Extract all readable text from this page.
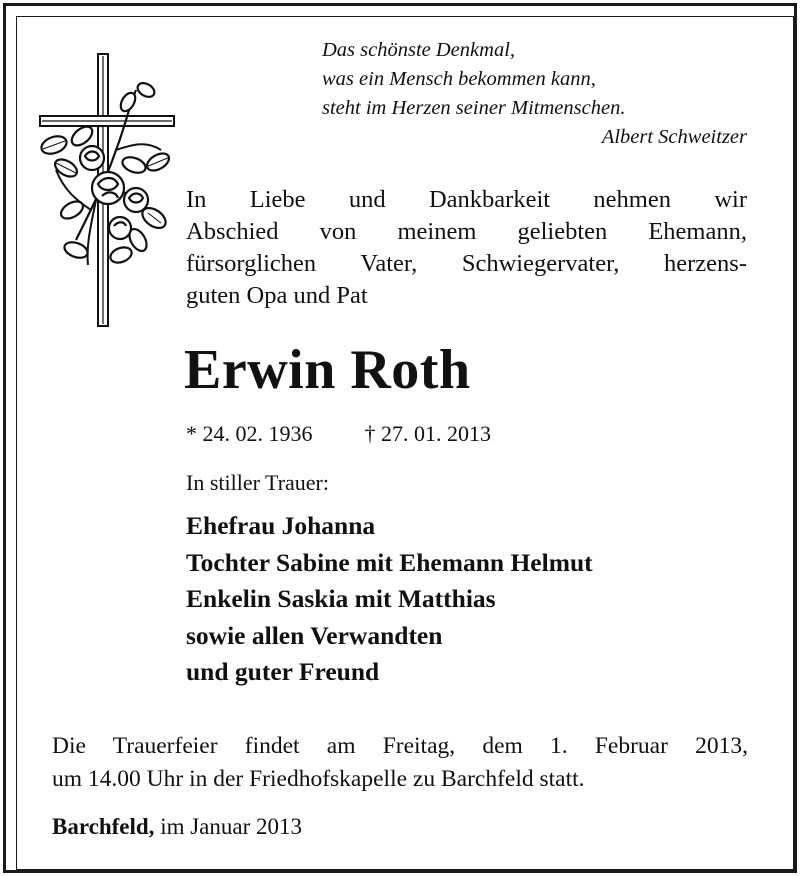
Das schönste Denkmal,
was ein Mensch bekommen kann,
steht im Herzen seiner Mitmenschen.
Albert Schweitzer
In Liebe und Dankbarkeit nehmen wir
Abschied von meinem geliebten Ehemann,
fürsorglichen Vater, Schwiegervater, herzens-
guten Opa und Pat
Erwin Roth
* 24. 02. 1936 † 27. 01. 2013
In stiller Trauer:
Ehefrau Johanna
Tochter Sabine mit Ehemann Helmut
Enkelin Saskia mit Matthias
sowie allen Verwandten
und guter Freund
Die Trauerfeier findet am Freitag, dem 1. Februar 2013,
um 14.00 Uhr in der Friedhofskapelle zu Barchfeld statt.
Barchfeld, im Januar 2013
